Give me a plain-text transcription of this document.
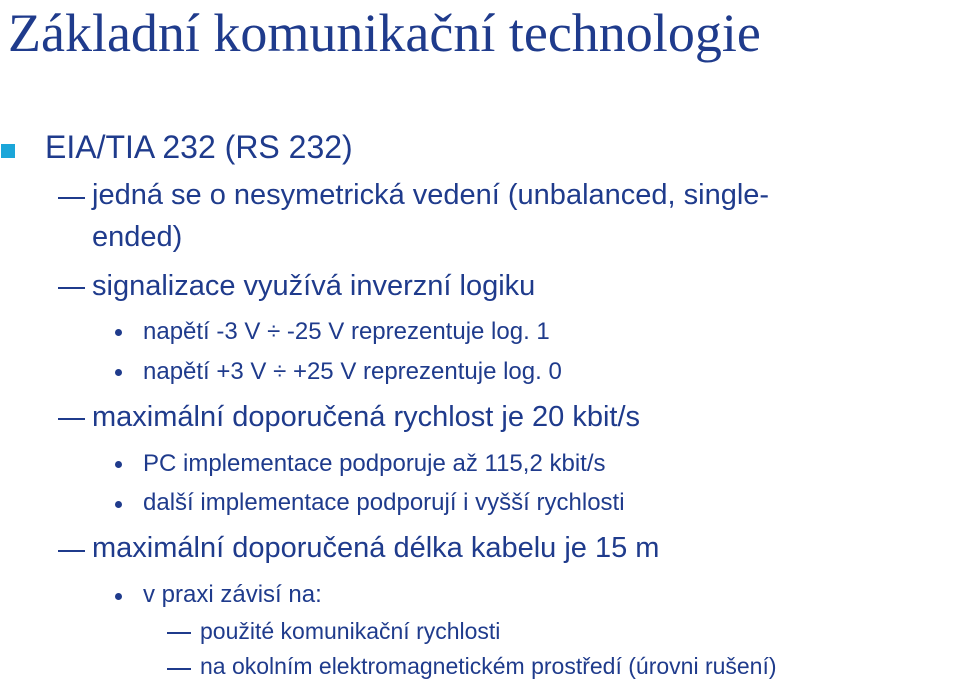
Základní komunikační technologie
EIA/TIA 232 (RS 232)
jedná se o nesymetrická vedení (unbalanced, single-
ended)
signalizace využívá inverzní logiku
napětí -3 V ÷ -25 V reprezentuje log. 1
napětí +3 V ÷ +25 V reprezentuje log. 0
maximální doporučená rychlost je 20 kbit/s
PC implementace podporuje až 115,2 kbit/s
další implementace podporují i vyšší rychlosti
maximální doporučená délka kabelu je 15 m
v praxi závisí na:
použité komunikační rychlosti
na okolním elektromagnetickém prostředí (úrovni rušení)
